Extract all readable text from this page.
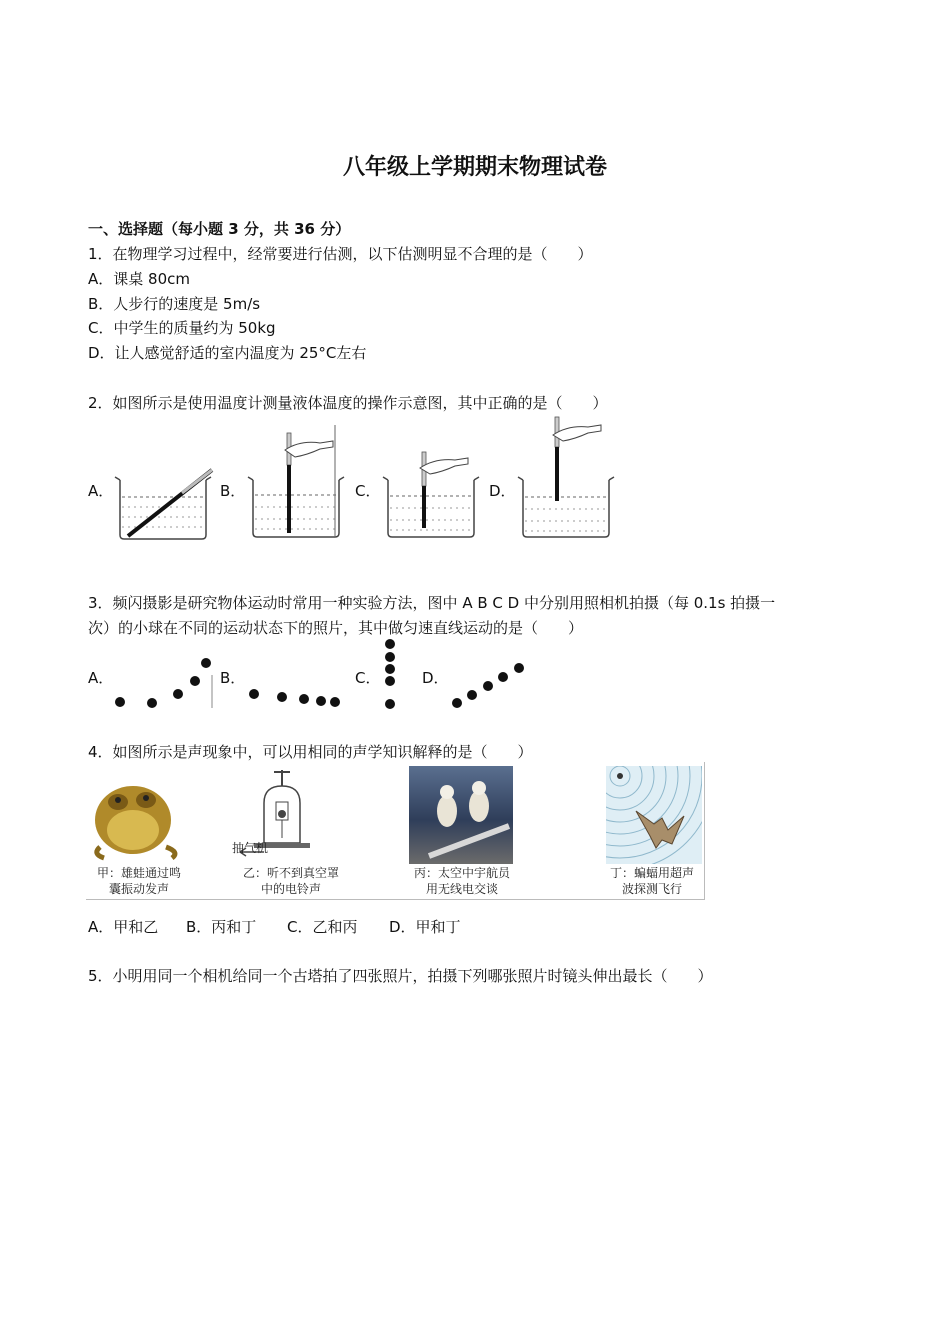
八年级上学期期末物理试卷
一、选择题（每小题 3 分，共 36 分）
1．在物理学习过程中，经常要进行估测，以下估测明显不合理的是（　　）
A．课桌 80cm
B．人步行的速度是 5m/s
C．中学生的质量约为 50kg
D．让人感觉舒适的室内温度为 25°C左右
2．如图所示是使用温度计测量液体温度的操作示意图，其中正确的是（　　）
A．	B．	C．	D．
3．频闪摄影是研究物体运动时常用一种实验方法，图中 A B C D 中分别用照相机拍摄（每 0.1s 拍摄一
次）的小球在不同的运动状态下的照片，其中做匀速直线运动的是（　　）
A．	B．	C．	D．
4．如图所示是声现象中，可以用相同的声学知识解释的是（　　）
甲：雄蛙通过鸣
囊振动发声
抽气机
乙：听不到真空罩
中的电铃声
丙：太空中宇航员
用无线电交谈
丁：蝙蝠用超声
波探测飞行
A．甲和乙 B．丙和丁 C．乙和丙 D．甲和丁
5．小明用同一个相机给同一个古塔拍了四张照片，拍摄下列哪张照片时镜头伸出最长（　　）
